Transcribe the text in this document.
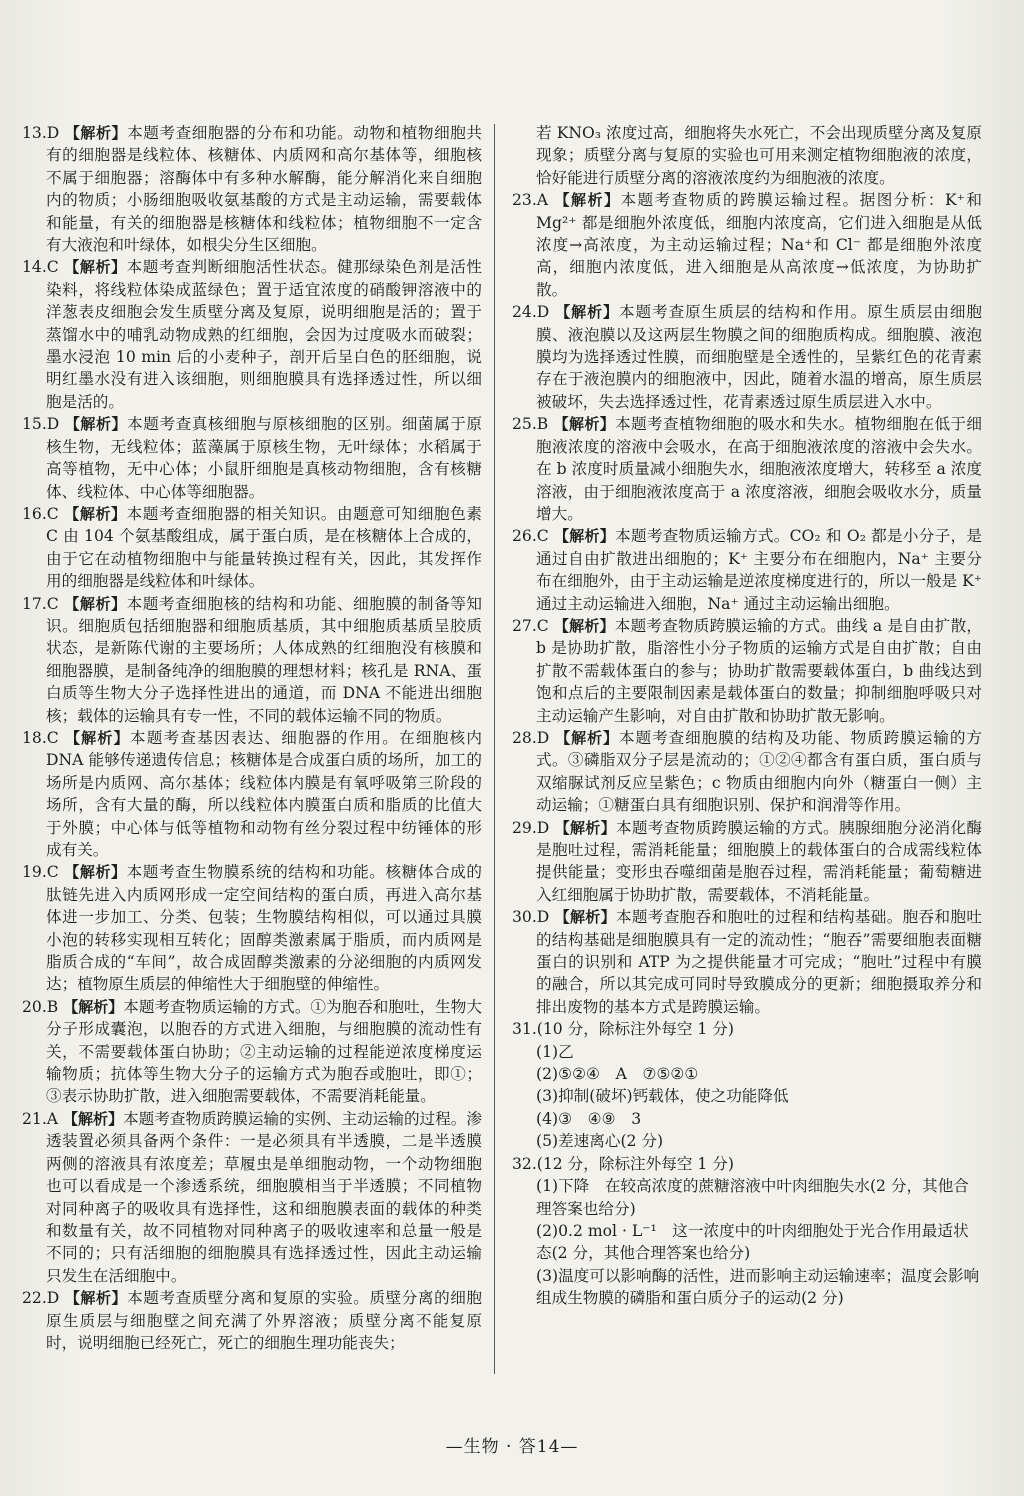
13.D 【解析】本题考查细胞器的分布和功能。动物和植物细胞共有的细胞器是线粒体、核糖体、内质网和高尔基体等，细胞核不属于细胞器；溶酶体中有多种水解酶，能分解消化来自细胞内的物质；小肠细胞吸收氨基酸的方式是主动运输，需要载体和能量，有关的细胞器是核糖体和线粒体；植物细胞不一定含有大液泡和叶绿体，如根尖分生区细胞。

14.C 【解析】本题考查判断细胞活性状态。健那绿染色剂是活性染料，将线粒体染成蓝绿色；置于适宜浓度的硝酸钾溶液中的洋葱表皮细胞会发生质壁分离及复原，说明细胞是活的；置于蒸馏水中的哺乳动物成熟的红细胞，会因为过度吸水而破裂；墨水浸泡 10 min 后的小麦种子，剖开后呈白色的胚细胞，说明红墨水没有进入该细胞，则细胞膜具有选择透过性，所以细胞是活的。

15.D 【解析】本题考查真核细胞与原核细胞的区别。细菌属于原核生物，无线粒体；蓝藻属于原核生物，无叶绿体；水稻属于高等植物，无中心体；小鼠肝细胞是真核动物细胞，含有核糖体、线粒体、中心体等细胞器。

16.C 【解析】本题考查细胞器的相关知识。由题意可知细胞色素 C 由 104 个氨基酸组成，属于蛋白质，是在核糖体上合成的，由于它在动植物细胞中与能量转换过程有关，因此，其发挥作用的细胞器是线粒体和叶绿体。

17.C 【解析】本题考查细胞核的结构和功能、细胞膜的制备等知识。细胞质包括细胞器和细胞质基质，其中细胞质基质呈胶质状态，是新陈代谢的主要场所；人体成熟的红细胞没有核膜和细胞器膜，是制备纯净的细胞膜的理想材料；核孔是 RNA、蛋白质等生物大分子选择性进出的通道，而 DNA 不能进出细胞核；载体的运输具有专一性，不同的载体运输不同的物质。

18.C 【解析】本题考查基因表达、细胞器的作用。在细胞核内DNA 能够传递遗传信息；核糖体是合成蛋白质的场所，加工的场所是内质网、高尔基体；线粒体内膜是有氧呼吸第三阶段的场所，含有大量的酶，所以线粒体内膜蛋白质和脂质的比值大于外膜；中心体与低等植物和动物有丝分裂过程中纺锤体的形成有关。

19.C 【解析】本题考查生物膜系统的结构和功能。核糖体合成的肽链先进入内质网形成一定空间结构的蛋白质，再进入高尔基体进一步加工、分类、包装；生物膜结构相似，可以通过具膜小泡的转移实现相互转化；固醇类激素属于脂质，而内质网是脂质合成的“车间”，故合成固醇类激素的分泌细胞的内质网发达；植物原生质层的伸缩性大于细胞壁的伸缩性。

20.B 【解析】本题考查物质运输的方式。①为胞吞和胞吐，生物大分子形成囊泡，以胞吞的方式进入细胞，与细胞膜的流动性有关，不需要载体蛋白协助；②主动运输的过程能逆浓度梯度运输物质；抗体等生物大分子的运输方式为胞吞或胞吐，即①；③表示协助扩散，进入细胞需要载体，不需要消耗能量。

21.A 【解析】本题考查物质跨膜运输的实例、主动运输的过程。渗透装置必须具备两个条件：一是必须具有半透膜，二是半透膜两侧的溶液具有浓度差；草履虫是单细胞动物，一个动物细胞也可以看成是一个渗透系统，细胞膜相当于半透膜；不同植物对同种离子的吸收具有选择性，这和细胞膜表面的载体的种类和数量有关，故不同植物对同种离子的吸收速率和总量一般是不同的；只有活细胞的细胞膜具有选择透过性，因此主动运输只发生在活细胞中。

22.D 【解析】本题考查质壁分离和复原的实验。质壁分离的细胞原生质层与细胞壁之间充满了外界溶液；质壁分离不能复原时，说明细胞已经死亡，死亡的细胞生理功能丧失；

若 KNO₃ 浓度过高，细胞将失水死亡，不会出现质壁分离及复原现象；质壁分离与复原的实验也可用来测定植物细胞液的浓度，恰好能进行质壁分离的溶液浓度约为细胞液的浓度。

23.A 【解析】本题考查物质的跨膜运输过程。据图分析：K⁺和 Mg²⁺ 都是细胞外浓度低，细胞内浓度高，它们进入细胞是从低浓度→高浓度，为主动运输过程；Na⁺和 Cl⁻ 都是细胞外浓度高，细胞内浓度低，进入细胞是从高浓度→低浓度，为协助扩散。

24.D 【解析】本题考查原生质层的结构和作用。原生质层由细胞膜、液泡膜以及这两层生物膜之间的细胞质构成。细胞膜、液泡膜均为选择透过性膜，而细胞壁是全透性的，呈紫红色的花青素存在于液泡膜内的细胞液中，因此，随着水温的增高，原生质层被破坏，失去选择透过性，花青素透过原生质层进入水中。

25.B 【解析】本题考查植物细胞的吸水和失水。植物细胞在低于细胞液浓度的溶液中会吸水，在高于细胞液浓度的溶液中会失水。在 b 浓度时质量减小细胞失水，细胞液浓度增大，转移至 a 浓度溶液，由于细胞液浓度高于 a 浓度溶液，细胞会吸收水分，质量增大。

26.C 【解析】本题考查物质运输方式。CO₂ 和 O₂ 都是小分子，是通过自由扩散进出细胞的；K⁺ 主要分布在细胞内，Na⁺ 主要分布在细胞外，由于主动运输是逆浓度梯度进行的，所以一般是 K⁺ 通过主动运输进入细胞，Na⁺ 通过主动运输出细胞。

27.C 【解析】本题考查物质跨膜运输的方式。曲线 a 是自由扩散，b 是协助扩散，脂溶性小分子物质的运输方式是自由扩散；自由扩散不需载体蛋白的参与；协助扩散需要载体蛋白，b 曲线达到饱和点后的主要限制因素是载体蛋白的数量；抑制细胞呼吸只对主动运输产生影响，对自由扩散和协助扩散无影响。

28.D 【解析】本题考查细胞膜的结构及功能、物质跨膜运输的方式。③磷脂双分子层是流动的；①②④都含有蛋白质，蛋白质与双缩脲试剂反应呈紫色；c 物质由细胞内向外（糖蛋白一侧）主动运输；①糖蛋白具有细胞识别、保护和润滑等作用。

29.D 【解析】本题考查物质跨膜运输的方式。胰腺细胞分泌消化酶是胞吐过程，需消耗能量；细胞膜上的载体蛋白的合成需线粒体提供能量；变形虫吞噬细菌是胞吞过程，需消耗能量；葡萄糖进入红细胞属于协助扩散，需要载体，不消耗能量。

30.D 【解析】本题考查胞吞和胞吐的过程和结构基础。胞吞和胞吐的结构基础是细胞膜具有一定的流动性；“胞吞”需要细胞表面糖蛋白的识别和 ATP 为之提供能量才可完成；“胞吐”过程中有膜的融合，所以其完成可同时导致膜成分的更新；细胞摄取养分和排出废物的基本方式是跨膜运输。

31.(10 分，除标注外每空 1 分)

(1)乙

(2)⑤②④　A　⑦⑤②①

(3)抑制(破坏)钙载体，使之功能降低

(4)③　④⑨　3

(5)差速离心(2 分)

32.(12 分，除标注外每空 1 分)

(1)下降　在较高浓度的蔗糖溶液中叶肉细胞失水(2 分，其他合理答案也给分)

(2)0.2 mol · L⁻¹　这一浓度中的叶肉细胞处于光合作用最适状态(2 分，其他合理答案也给分)

(3)温度可以影响酶的活性，进而影响主动运输速率；温度会影响组成生物膜的磷脂和蛋白质分子的运动(2 分)

—生物 · 答14—
